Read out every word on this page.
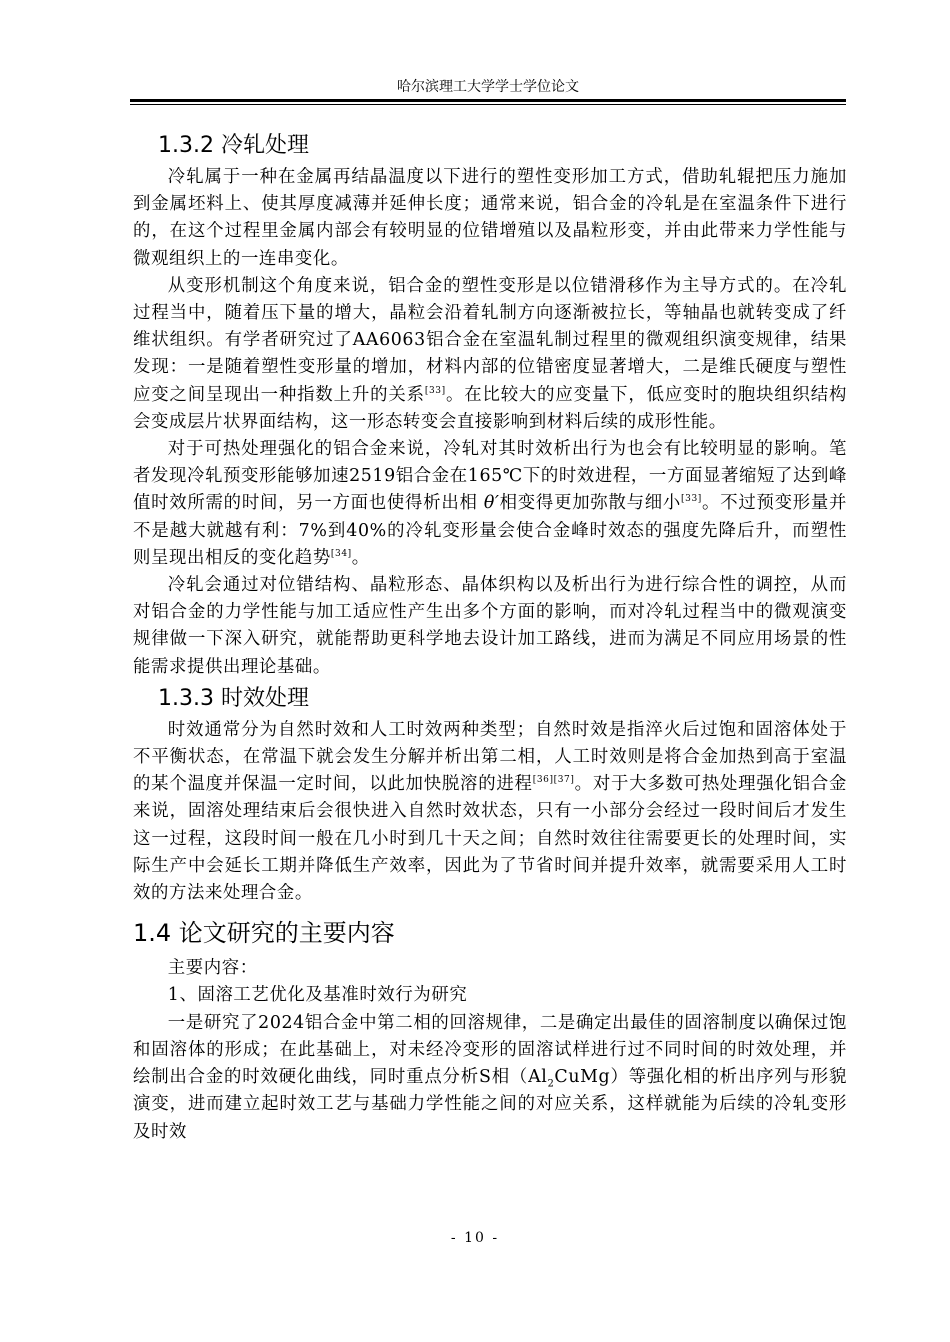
哈尔滨理工大学学士学位论文
1.3.2 冷轧处理

冷轧属于一种在金属再结晶温度以下进行的塑性变形加工方式，借助轧辊把压力施加到金属坯料上、使其厚度减薄并延伸长度；通常来说，铝合金的冷轧是在室温条件下进行的，在这个过程里金属内部会有较明显的位错增殖以及晶粒形变，并由此带来力学性能与微观组织上的一连串变化。

从变形机制这个角度来说，铝合金的塑性变形是以位错滑移作为主导方式的。在冷轧过程当中，随着压下量的增大，晶粒会沿着轧制方向逐渐被拉长，等轴晶也就转变成了纤维状组织。有学者研究过了AA6063铝合金在室温轧制过程里的微观组织演变规律，结果发现：一是随着塑性变形量的增加，材料内部的位错密度显著增大，二是维氏硬度与塑性应变之间呈现出一种指数上升的关系[33]。在比较大的应变量下，低应变时的胞块组织结构会变成层片状界面结构，这一形态转变会直接影响到材料后续的成形性能。

对于可热处理强化的铝合金来说，冷轧对其时效析出行为也会有比较明显的影响。笔者发现冷轧预变形能够加速2519铝合金在165℃下的时效进程，一方面显著缩短了达到峰值时效所需的时间，另一方面也使得析出相 θ′相变得更加弥散与细小[33]。不过预变形量并不是越大就越有利：7%到40%的冷轧变形量会使合金峰时效态的强度先降后升，而塑性则呈现出相反的变化趋势[34]。

冷轧会通过对位错结构、晶粒形态、晶体织构以及析出行为进行综合性的调控，从而对铝合金的力学性能与加工适应性产生出多个方面的影响，而对冷轧过程当中的微观演变规律做一下深入研究，就能帮助更科学地去设计加工路线，进而为满足不同应用场景的性能需求提供出理论基础。

1.3.3 时效处理

时效通常分为自然时效和人工时效两种类型；自然时效是指淬火后过饱和固溶体处于不平衡状态，在常温下就会发生分解并析出第二相，人工时效则是将合金加热到高于室温的某个温度并保温一定时间，以此加快脱溶的进程[36][37]。对于大多数可热处理强化铝合金来说，固溶处理结束后会很快进入自然时效状态，只有一小部分会经过一段时间后才发生这一过程，这段时间一般在几小时到几十天之间；自然时效往往需要更长的处理时间，实际生产中会延长工期并降低生产效率，因此为了节省时间并提升效率，就需要采用人工时效的方法来处理合金。

1.4 论文研究的主要内容

主要内容：

1、固溶工艺优化及基准时效行为研究

一是研究了2024铝合金中第二相的回溶规律，二是确定出最佳的固溶制度以确保过饱和固溶体的形成；在此基础上，对未经冷变形的固溶试样进行过不同时间的时效处理，并绘制出合金的时效硬化曲线，同时重点分析S相$(Al_2CuMg)$等强化相的析出序列与形貌演变，进而建立起时效工艺与基础力学性能之间的对应关系，这样就能为后续的冷轧变形及时效

- 10 -
